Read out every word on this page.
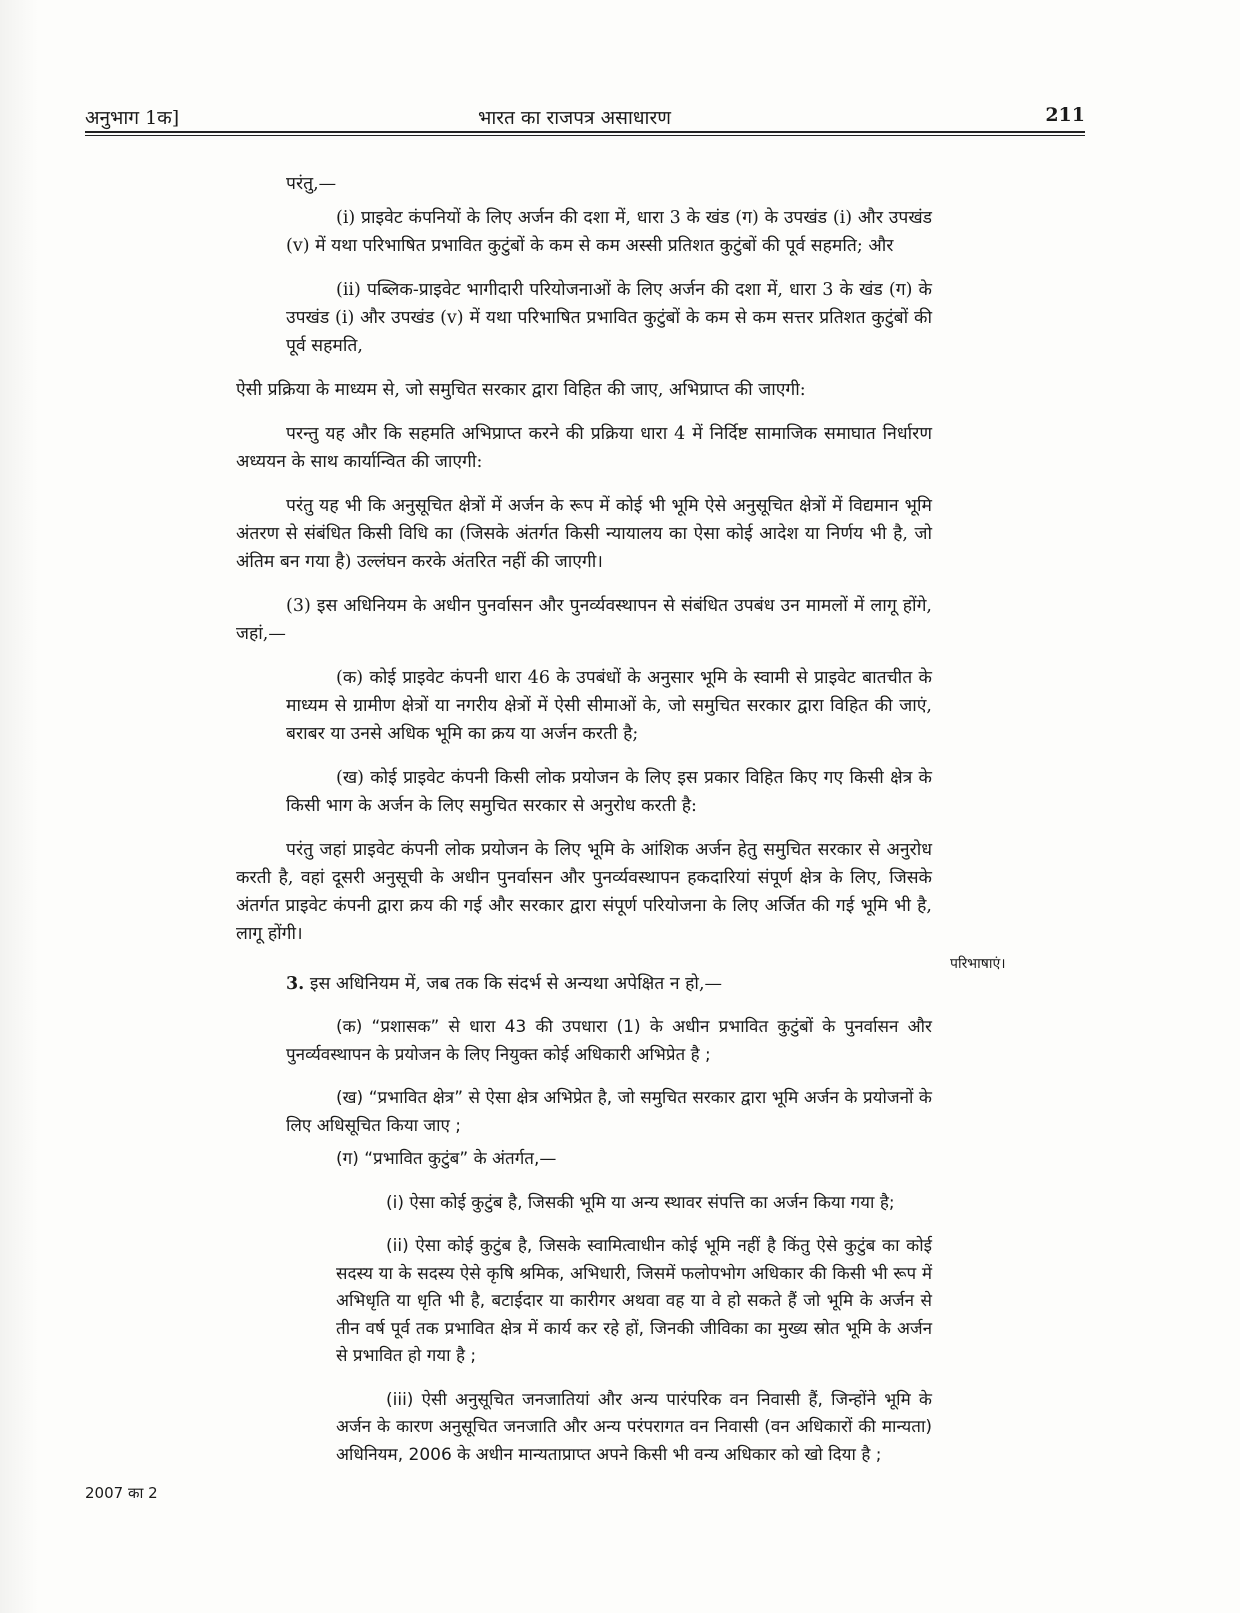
अनुभाग 1क]	भारत का राजपत्र असाधारण	211

परंतु,—

(i) प्राइवेट कंपनियों के लिए अर्जन की दशा में, धारा 3 के खंड (ग) के उपखंड (i) और उपखंड (v) में यथा परिभाषित प्रभावित कुटुंबों के कम से कम अस्सी प्रतिशत कुटुंबों की पूर्व सहमति; और

(ii) पब्लिक-प्राइवेट भागीदारी परियोजनाओं के लिए अर्जन की दशा में, धारा 3 के खंड (ग) के उपखंड (i) और उपखंड (v) में यथा परिभाषित प्रभावित कुटुंबों के कम से कम सत्तर प्रतिशत कुटुंबों की पूर्व सहमति,

ऐसी प्रक्रिया के माध्यम से, जो समुचित सरकार द्वारा विहित की जाए, अभिप्राप्त की जाएगी:

परन्तु यह और कि सहमति अभिप्राप्त करने की प्रक्रिया धारा 4 में निर्दिष्ट सामाजिक समाघात निर्धारण अध्ययन के साथ कार्यान्वित की जाएगी:

परंतु यह भी कि अनुसूचित क्षेत्रों में अर्जन के रूप में कोई भी भूमि ऐसे अनुसूचित क्षेत्रों में विद्यमान भूमि अंतरण से संबंधित किसी विधि का (जिसके अंतर्गत किसी न्यायालय का ऐसा कोई आदेश या निर्णय भी है, जो अंतिम बन गया है) उल्लंघन करके अंतरित नहीं की जाएगी।

(3) इस अधिनियम के अधीन पुनर्वासन और पुनर्व्यवस्थापन से संबंधित उपबंध उन मामलों में लागू होंगे, जहां,—

(क) कोई प्राइवेट कंपनी धारा 46 के उपबंधों के अनुसार भूमि के स्वामी से प्राइवेट बातचीत के माध्यम से ग्रामीण क्षेत्रों या नगरीय क्षेत्रों में ऐसी सीमाओं के, जो समुचित सरकार द्वारा विहित की जाएं, बराबर या उनसे अधिक भूमि का क्रय या अर्जन करती है;

(ख) कोई प्राइवेट कंपनी किसी लोक प्रयोजन के लिए इस प्रकार विहित किए गए किसी क्षेत्र के किसी भाग के अर्जन के लिए समुचित सरकार से अनुरोध करती है:

परंतु जहां प्राइवेट कंपनी लोक प्रयोजन के लिए भूमि के आंशिक अर्जन हेतु समुचित सरकार से अनुरोध करती है, वहां दूसरी अनुसूची के अधीन पुनर्वासन और पुनर्व्यवस्थापन हकदारियां संपूर्ण क्षेत्र के लिए, जिसके अंतर्गत प्राइवेट कंपनी द्वारा क्रय की गई और सरकार द्वारा संपूर्ण परियोजना के लिए अर्जित की गई भूमि भी है, लागू होंगी।

3. इस अधिनियम में, जब तक कि संदर्भ से अन्यथा अपेक्षित न हो,—

(क) “प्रशासक” से धारा 43 की उपधारा (1) के अधीन प्रभावित कुटुंबों के पुनर्वासन और पुनर्व्यवस्थापन के प्रयोजन के लिए नियुक्त कोई अधिकारी अभिप्रेत है ;

(ख) “प्रभावित क्षेत्र” से ऐसा क्षेत्र अभिप्रेत है, जो समुचित सरकार द्वारा भूमि अर्जन के प्रयोजनों के लिए अधिसूचित किया जाए ;

(ग) “प्रभावित कुटुंब” के अंतर्गत,—

(i) ऐसा कोई कुटुंब है, जिसकी भूमि या अन्य स्थावर संपत्ति का अर्जन किया गया है;

(ii) ऐसा कोई कुटुंब है, जिसके स्वामित्वाधीन कोई भूमि नहीं है किंतु ऐसे कुटुंब का कोई सदस्य या के सदस्य ऐसे कृषि श्रमिक, अभिधारी, जिसमें फलोपभोग अधिकार की किसी भी रूप में अभिधृति या धृति भी है, बटाईदार या कारीगर अथवा वह या वे हो सकते हैं जो भूमि के अर्जन से तीन वर्ष पूर्व तक प्रभावित क्षेत्र में कार्य कर रहे हों, जिनकी जीविका का मुख्य स्रोत भूमि के अर्जन से प्रभावित हो गया है ;

(iii) ऐसी अनुसूचित जनजातियां और अन्य पारंपरिक वन निवासी हैं, जिन्होंने भूमि के अर्जन के कारण अनुसूचित जनजाति और अन्य परंपरागत वन निवासी (वन अधिकारों की मान्यता) अधिनियम, 2006 के अधीन मान्यताप्राप्त अपने किसी भी वन्य अधिकार को खो दिया है ;

परिभाषाएं।
2007 का 2
